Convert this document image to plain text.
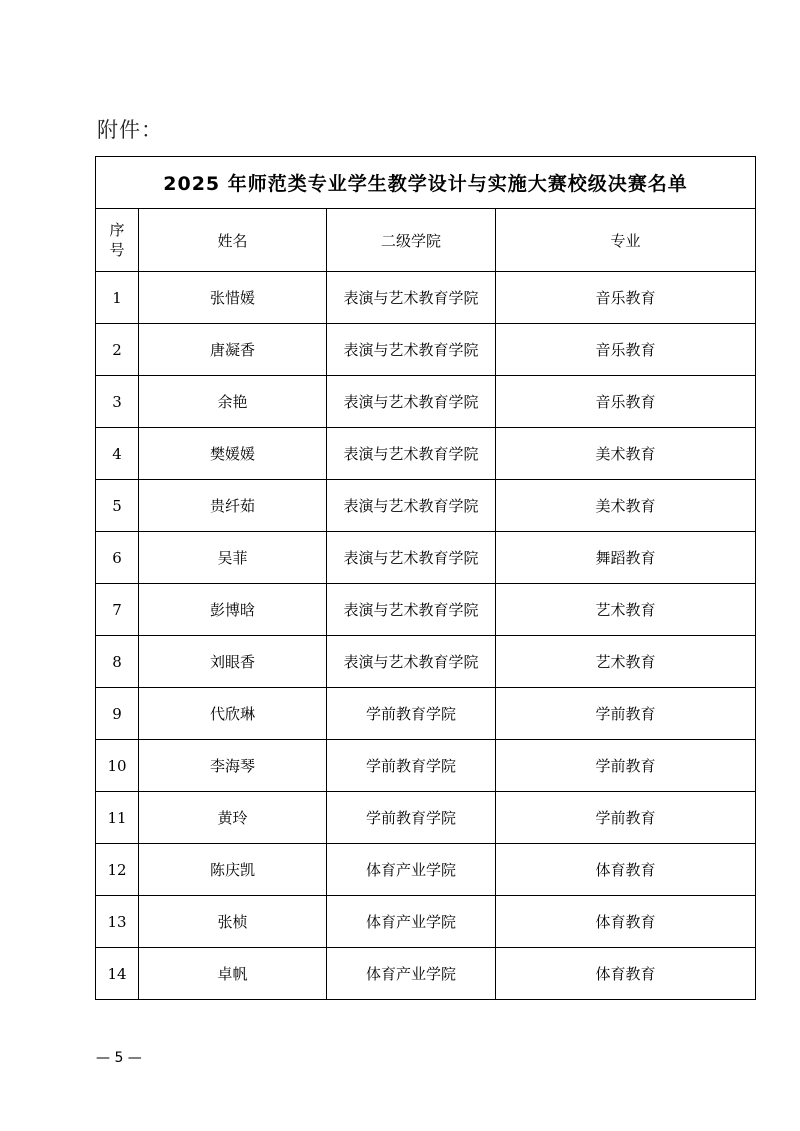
附件：
2025 年师范类专业学生教学设计与实施大赛校级决赛名单			
序
号	姓名	二级学院	专业
1	张惜媛	表演与艺术教育学院	音乐教育
2	唐凝香	表演与艺术教育学院	音乐教育
3	余艳	表演与艺术教育学院	音乐教育
4	樊媛媛	表演与艺术教育学院	美术教育
5	贵纤茹	表演与艺术教育学院	美术教育
6	吴菲	表演与艺术教育学院	舞蹈教育
7	彭博晗	表演与艺术教育学院	艺术教育
8	刘眼香	表演与艺术教育学院	艺术教育
9	代欣琳	学前教育学院	学前教育
10	李海琴	学前教育学院	学前教育
11	黄玲	学前教育学院	学前教育
12	陈庆凯	体育产业学院	体育教育
13	张桢	体育产业学院	体育教育
14	卓帆	体育产业学院	体育教育
— 5 —
